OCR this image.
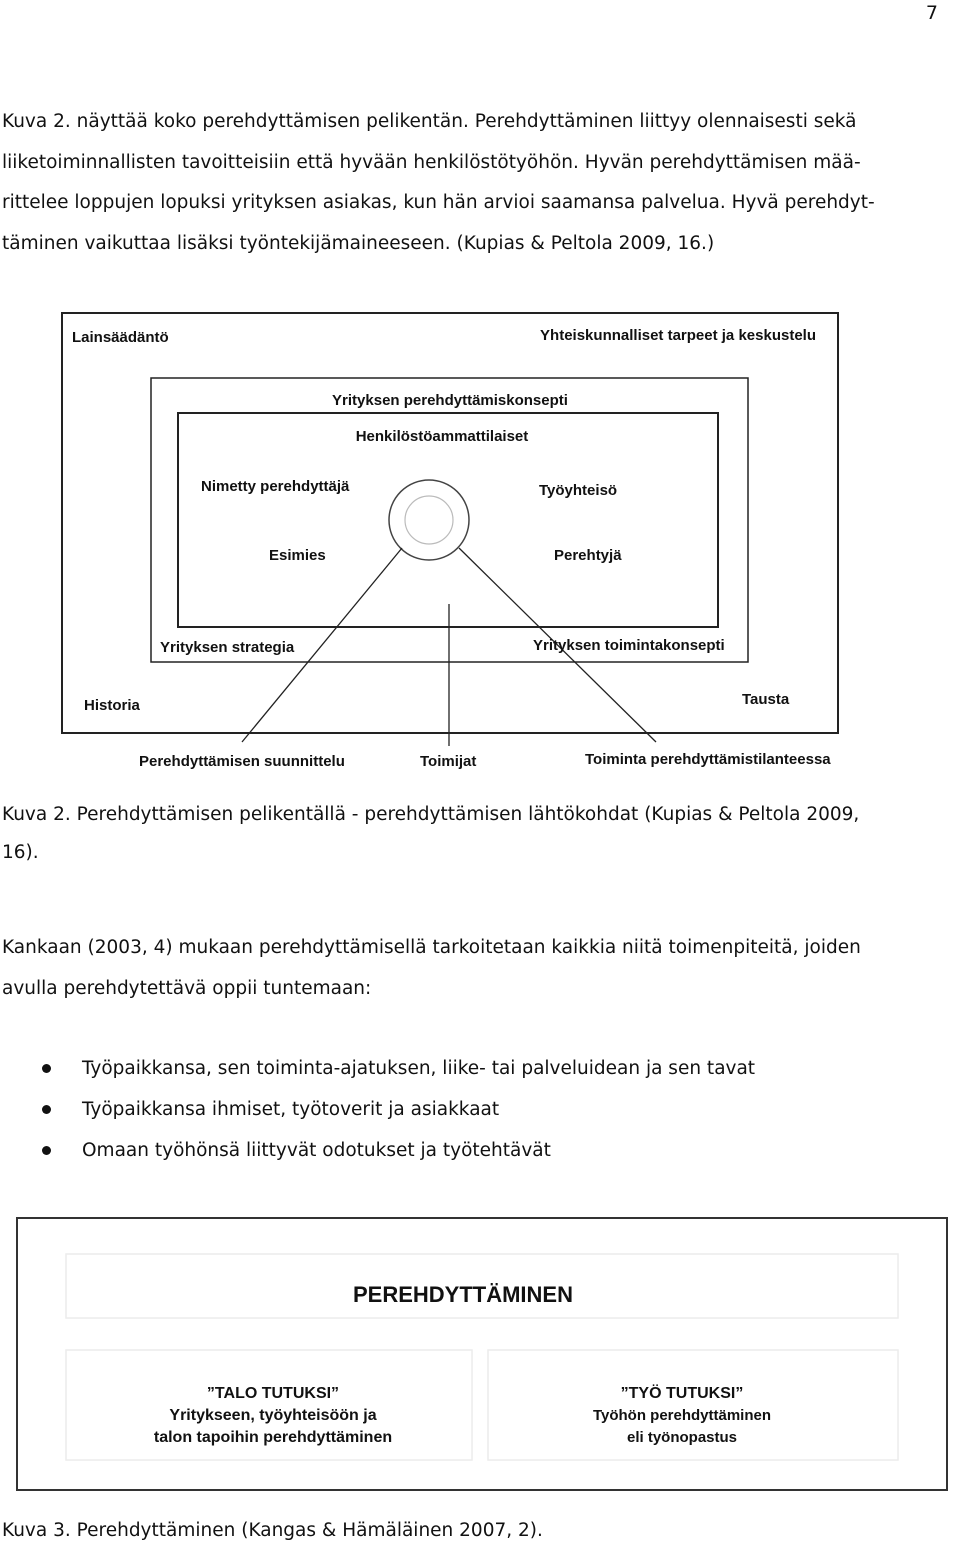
7
Kuva 2. näyttää koko perehdyttämisen pelikentän. Perehdyttäminen liittyy olennaisesti sekä
liiketoiminnallisten tavoitteisiin että hyvään henkilöstötyöhön. Hyvän perehdyttämisen mää-
rittelee loppujen lopuksi yrityksen asiakas, kun hän arvioi saamansa palvelua. Hyvä perehdyt-
täminen vaikuttaa lisäksi työntekijämaineeseen. (Kupias & Peltola 2009, 16.)
Lainsäädäntö	Yhteiskunnalliset tarpeet ja keskustelu
Yrityksen perehdyttämiskonsepti
Henkilöstöammattilaiset
Nimetty perehdyttäjä	Työyhteisö
Esimies	Perehtyjä
Yrityksen strategia	Yrityksen toimintakonsepti
Historia	Tausta
Perehdyttämisen suunnittelu	Toimijat	Toiminta perehdyttämistilanteessa
Kuva 2. Perehdyttämisen pelikentällä - perehdyttämisen lähtökohdat (Kupias & Peltola 2009,
16).
Kankaan (2003, 4) mukaan perehdyttämisellä tarkoitetaan kaikkia niitä toimenpiteitä, joiden
avulla perehdytettävä oppii tuntemaan:
Työpaikkansa, sen toiminta-ajatuksen, liike- tai palveluidean ja sen tavat
Työpaikkansa ihmiset, työtoverit ja asiakkaat
Omaan työhönsä liittyvät odotukset ja työtehtävät
PEREHDYTTÄMINEN
”TALO TUTUKSI”
Yritykseen, työyhteisöön ja
talon tapoihin perehdyttäminen
”TYÖ TUTUKSI”
Työhön perehdyttäminen
eli työnopastus
Kuva 3. Perehdyttäminen (Kangas & Hämäläinen 2007, 2).
